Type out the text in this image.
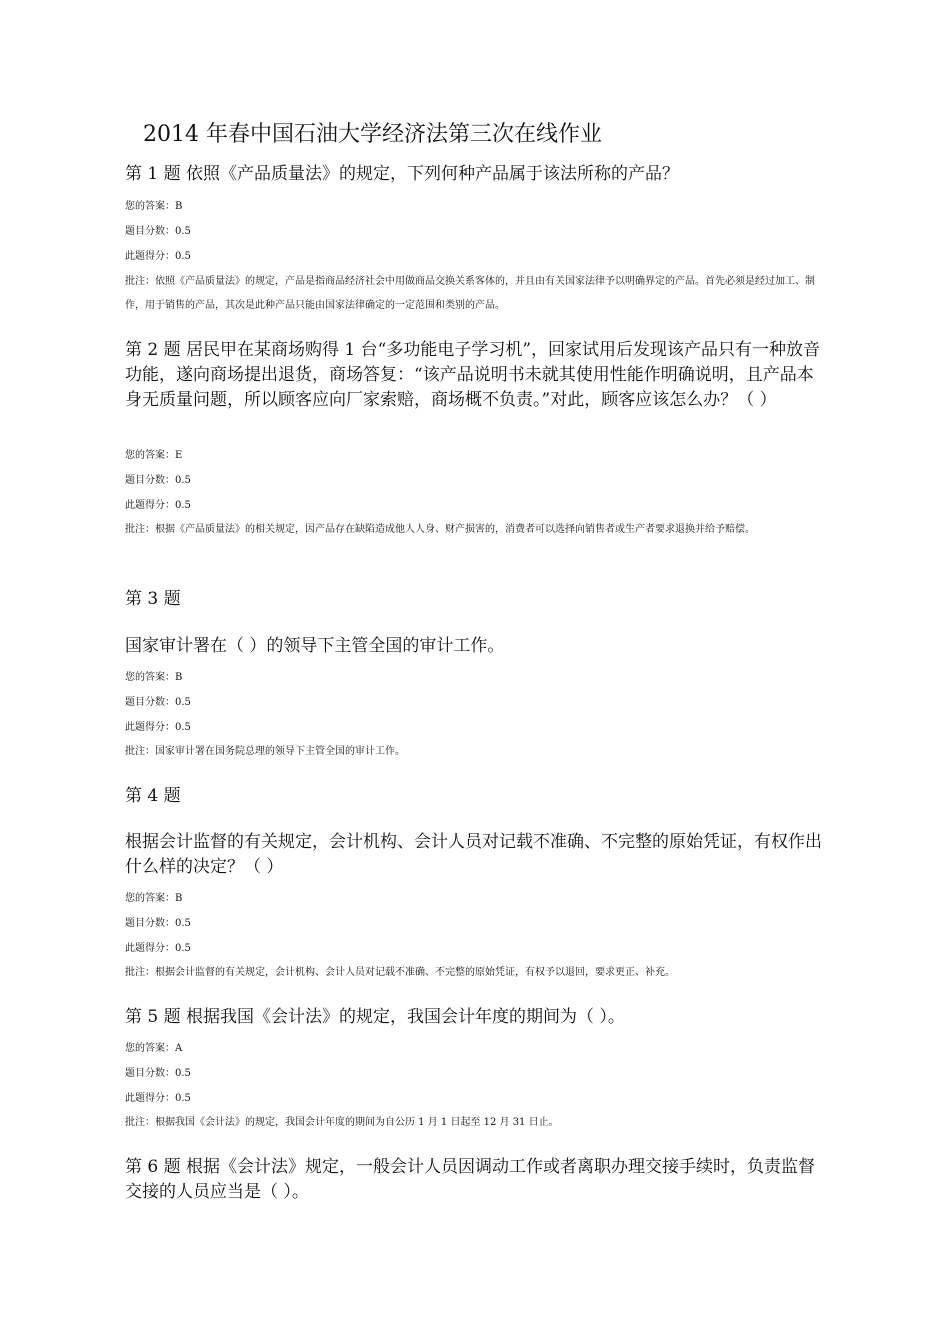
2014 年春中国石油大学经济法第三次在线作业

第 1 题 依照《产品质量法》的规定，下列何种产品属于该法所称的产品？

您的答案：B

题目分数：0.5

此题得分：0.5

批注：依照《产品质量法》的规定，产品是指商品经济社会中用做商品交换关系客体的，并且由有关国家法律予以明确界定的产品。首先必须是经过加工、制作，用于销售的产品，其次是此种产品只能由国家法律确定的一定范围和类别的产品。

第 2 题 居民甲在某商场购得 1 台“多功能电子学习机”，回家试用后发现该产品只有一种放音功能，遂向商场提出退货，商场答复：“该产品说明书未就其使用性能作明确说明，且产品本身无质量问题，所以顾客应向厂家索赔，商场概不负责。”对此，顾客应该怎么办？（ ）

您的答案：E

题目分数：0.5

此题得分：0.5

批注：根据《产品质量法》的相关规定，因产品存在缺陷造成他人人身、财产损害的，消费者可以选择向销售者或生产者要求退换并给予赔偿。

第 3 题

国家审计署在（ ）的领导下主管全国的审计工作。

您的答案：B

题目分数：0.5

此题得分：0.5

批注：国家审计署在国务院总理的领导下主管全国的审计工作。

第 4 题

根据会计监督的有关规定，会计机构、会计人员对记载不准确、不完整的原始凭证，有权作出什么样的决定？（ ）

您的答案：B

题目分数：0.5

此题得分：0.5

批注：根据会计监督的有关规定，会计机构、会计人员对记载不准确、不完整的原始凭证，有权予以退回，要求更正、补充。

第 5 题 根据我国《会计法》的规定，我国会计年度的期间为（ ）。

您的答案：A

题目分数：0.5

此题得分：0.5

批注：根据我国《会计法》的规定，我国会计年度的期间为自公历 1 月 1 日起至 12 月 31 日止。

第 6 题 根据《会计法》规定，一般会计人员因调动工作或者离职办理交接手续时，负责监督交接的人员应当是（ ）。
